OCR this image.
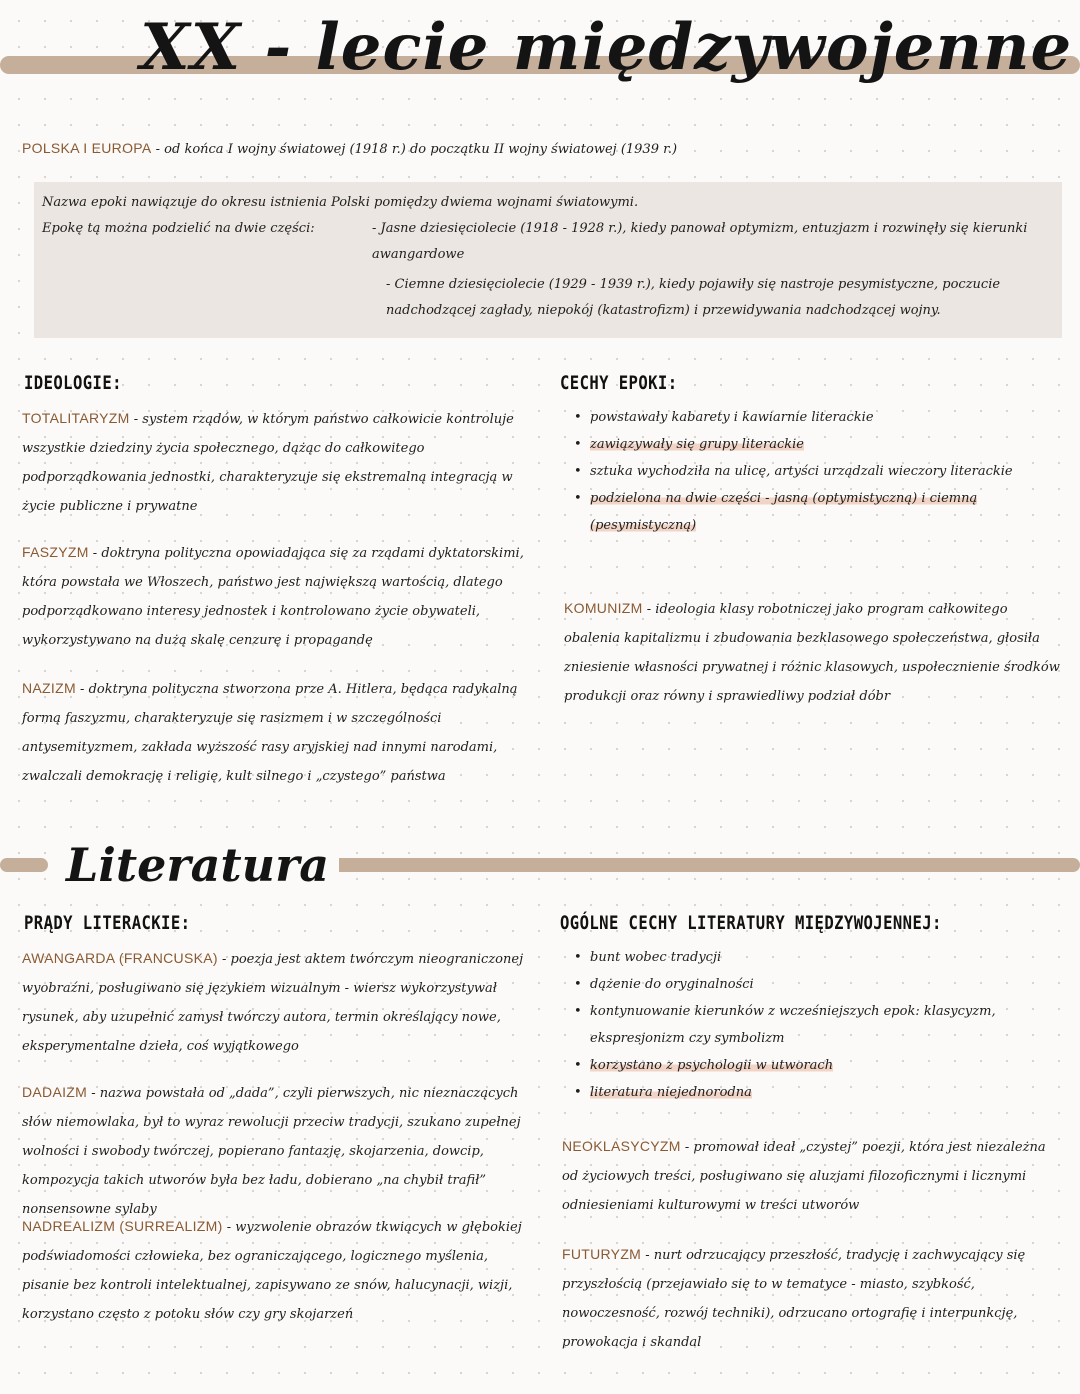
XX - lecie międzywojenne
POLSKA I EUROPA - od końca I wojny światowej (1918 r.) do początku II wojny światowej (1939 r.)
Nazwa epoki nawiązuje do okresu istnienia Polski pomiędzy dwiema wojnami światowymi.
Epokę tą można podzielić na dwie części:	- Jasne dziesięciolecie (1918 - 1928 r.), kiedy panował optymizm, entuzjazm i rozwinęły się kierunki awangardowe
- Ciemne dziesięciolecie (1929 - 1939 r.), kiedy pojawiły się nastroje pesymistyczne, poczucie nadchodzącej zagłady, niepokój (katastrofizm) i przewidywania nadchodzącej wojny.
IDEOLOGIE:

TOTALITARYZM - system rządów, w którym państwo całkowicie kontroluje wszystkie dziedziny życia społecznego, dążąc do całkowitego podporządkowania jednostki, charakteryzuje się ekstremalną integracją w życie publiczne i prywatne

FASZYZM - doktryna polityczna opowiadająca się za rządami dyktatorskimi, która powstała we Włoszech, państwo jest największą wartością, dlatego podporządkowano interesy jednostek i kontrolowano życie obywateli, wykorzystywano na dużą skalę cenzurę i propagandę

NAZIZM - doktryna polityczna stworzona prze A. Hitlera, będąca radykalną formą faszyzmu, charakteryzuje się rasizmem i w szczególności antysemityzmem, zakłada wyższość rasy aryjskiej nad innymi narodami, zwalczali demokrację i religię, kult silnego i „czystego” państwa

CECHY EPOKI:
• powstawały kabarety i kawiarnie literackie
• zawiązywały się grupy literackie
• sztuka wychodziła na ulicę, artyści urządzali wieczory literackie
• podzielona na dwie części - jasną (optymistyczną) i ciemną (pesymistyczną)

KOMUNIZM - ideologia klasy robotniczej jako program całkowitego obalenia kapitalizmu i zbudowania bezklasowego społeczeństwa, głosiła zniesienie własności prywatnej i różnic klasowych, uspołecznienie środków produkcji oraz równy i sprawiedliwy podział dóbr

Literatura
PRĄDY LITERACKIE:

AWANGARDA (FRANCUSKA) - poezja jest aktem twórczym nieograniczonej wyobraźni, posługiwano się językiem wizualnym - wiersz wykorzystywał rysunek, aby uzupełnić zamysł twórczy autora, termin określający nowe, eksperymentalne dzieła, coś wyjątkowego

DADAIZM - nazwa powstała od „dada”, czyli pierwszych, nic nieznaczących słów niemowlaka, był to wyraz rewolucji przeciw tradycji, szukano zupełnej wolności i swobody twórczej, popierano fantazję, skojarzenia, dowcip, kompozycja takich utworów była bez ładu, dobierano „na chybił trafił” nonsensowne sylaby

NADREALIZM (SURREALIZM) - wyzwolenie obrazów tkwiących w głębokiej podświadomości człowieka, bez ograniczającego, logicznego myślenia, pisanie bez kontroli intelektualnej, zapisywano ze snów, halucynacji, wizji, korzystano często z potoku słów czy gry skojarzeń

OGÓLNE CECHY LITERATURY MIĘDZYWOJENNEJ:
• bunt wobec tradycji
• dążenie do oryginalności
• kontynuowanie kierunków z wcześniejszych epok: klasycyzm, ekspresjonizm czy symbolizm
• korzystano z psychologii w utworach
• literatura niejednorodna

NEOKLASYCYZM - promował ideał „czystej” poezji, która jest niezależna od życiowych treści, posługiwano się aluzjami filozoficznymi i licznymi odniesieniami kulturowymi w treści utworów

FUTURYZM - nurt odrzucający przeszłość, tradycję i zachwycający się przyszłością (przejawiało się to w tematyce - miasto, szybkość, nowoczesność, rozwój techniki), odrzucano ortografię i interpunkcję, prowokacja i skandal
